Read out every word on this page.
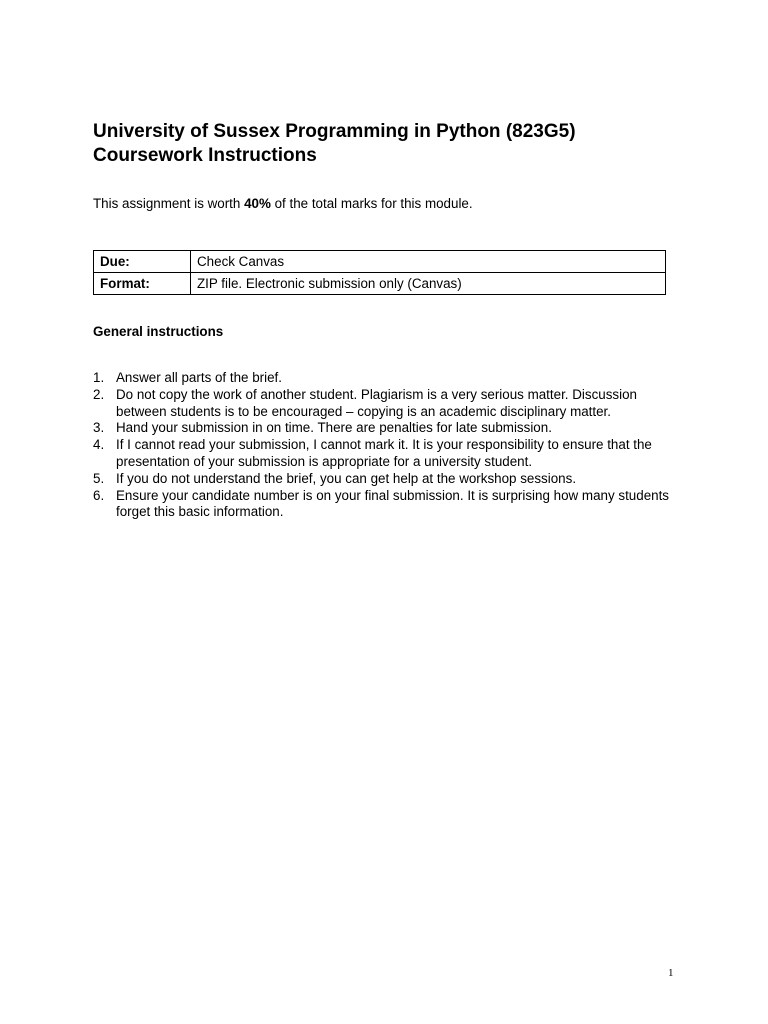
University of Sussex Programming in Python (823G5)
Coursework Instructions

This assignment is worth 40% of the total marks for this module.

Due:	Check Canvas
Format:	ZIP file. Electronic submission only (Canvas)
General instructions
1. Answer all parts of the brief.
2. Do not copy the work of another student. Plagiarism is a very serious matter. Discussion between students is to be encouraged – copying is an academic disciplinary matter.
3. Hand your submission in on time. There are penalties for late submission.
4. If I cannot read your submission, I cannot mark it. It is your responsibility to ensure that the presentation of your submission is appropriate for a university student.
5. If you do not understand the brief, you can get help at the workshop sessions.
6. Ensure your candidate number is on your final submission. It is surprising how many students forget this basic information.
1
